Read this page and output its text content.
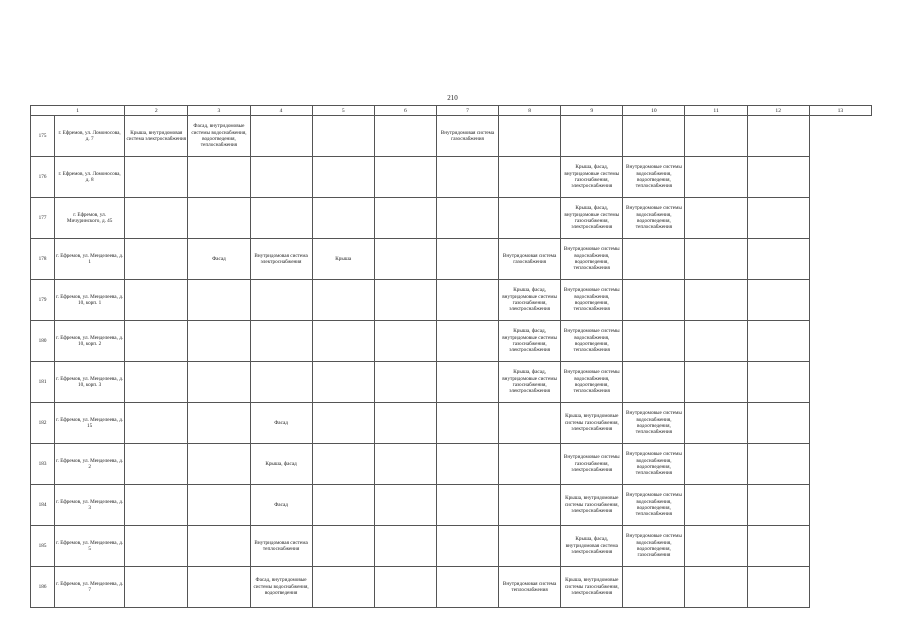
210
1		2	3	4	5	6	7	8	9	10	11	12	13
175	г. Ефремов, ул. Ломоносова, д. 7	Крыша, внутридомовая система электроснабжения	Фасад, внутридомовые системы водоснабжения, водоотведения, теплоснабжения				Внутридомовая система газоснабжения						
176	г. Ефремов, ул. Ломоносова, д. 8								Крыша, фасад, внутридомовые системы газоснабжения, электроснабжения	Внутридомовые системы водоснабжения, водоотведения, теплоснабжения			
177	г. Ефремов, ул. Мичуринского, д. 45								Крыша, фасад, внутридомовые системы газоснабжения, электроснабжения	Внутридомовые системы водоснабжения, водоотведения, теплоснабжения			
178	г. Ефремов, ул. Менделеева, д. 1		Фасад	Внутридомовая система электроснабжения	Крыша			Внутридомовая система газоснабжения	Внутридомовые системы водоснабжения, водоотведения, теплоснабжения				
179	г. Ефремов, ул. Менделеева, д. 10, корп. 1							Крыша, фасад, внутридомовые системы газоснабжения, электроснабжения	Внутридомовые системы водоснабжения, водоотведения, теплоснабжения				
180	г. Ефремов, ул. Менделеева, д. 10, корп. 2							Крыша, фасад, внутридомовые системы газоснабжения, электроснабжения	Внутридомовые системы водоснабжения, водоотведения, теплоснабжения				
181	г. Ефремов, ул. Менделеева, д. 10, корп. 3							Крыша, фасад, внутридомовые системы газоснабжения, электроснабжения	Внутридомовые системы водоснабжения, водоотведения, теплоснабжения				
182	г. Ефремов, ул. Менделеева, д. 15			Фасад					Крыша, внутридомовые системы газоснабжения, электроснабжения	Внутридомовые системы водоснабжения, водоотведения, теплоснабжения			
183	г. Ефремов, ул. Менделеева, д. 2			Крыша, фасад					Внутридомовые системы газоснабжения, электроснабжения	Внутридомовые системы водоснабжения, водоотведения, теплоснабжения			
184	г. Ефремов, ул. Менделеева, д. 3			Фасад					Крыша, внутридомовые системы газоснабжения, электроснабжения	Внутридомовые системы водоснабжения, водоотведения, теплоснабжения			
185	г. Ефремов, ул. Менделеева, д. 5			Внутридомовая система теплоснабжения					Крыша, фасад, внутридомовая система электроснабжения	Внутридомовые системы водоснабжения, водоотведения, газоснабжения			
186	г. Ефремов, ул. Менделеева, д. 7			Фасад, внутридомовые системы водоснабжения, водоотведения				Внутридомовая система теплоснабжения	Крыша, внутридомовые системы газоснабжения, электроснабжения				
